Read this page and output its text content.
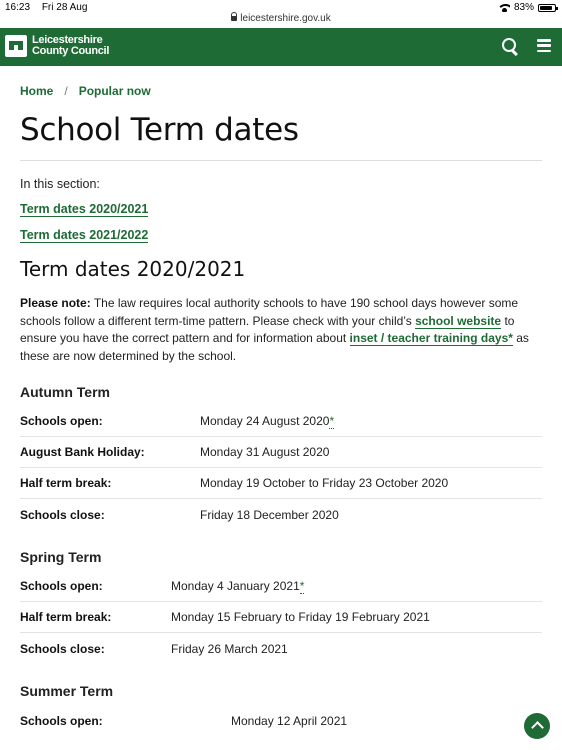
16:23 Fri 28 Aug
leicestershire.gov.uk
83%
Leicestershire
County Council
Home / Popular now
School Term dates
In this section:
Term dates 2020/2021
Term dates 2021/2022
Term dates 2020/2021

Please note: The law requires local authority schools to have 190 school days however some schools follow a different term-time pattern. Please check with your child’s school website to ensure you have the correct pattern and for information about inset / teacher training days* as these are now determined by the school.

Autumn Term
Schools open:	Monday 24 August 2020*
August Bank Holiday:	Monday 31 August 2020
Half term break:	Monday 19 October to Friday 23 October 2020
Schools close:	Friday 18 December 2020
Spring Term
Schools open:	Monday 4 January 2021*
Half term break:	Monday 15 February to Friday 19 February 2021
Schools close:	Friday 26 March 2021
Summer Term
Schools open:	Monday 12 April 2021
